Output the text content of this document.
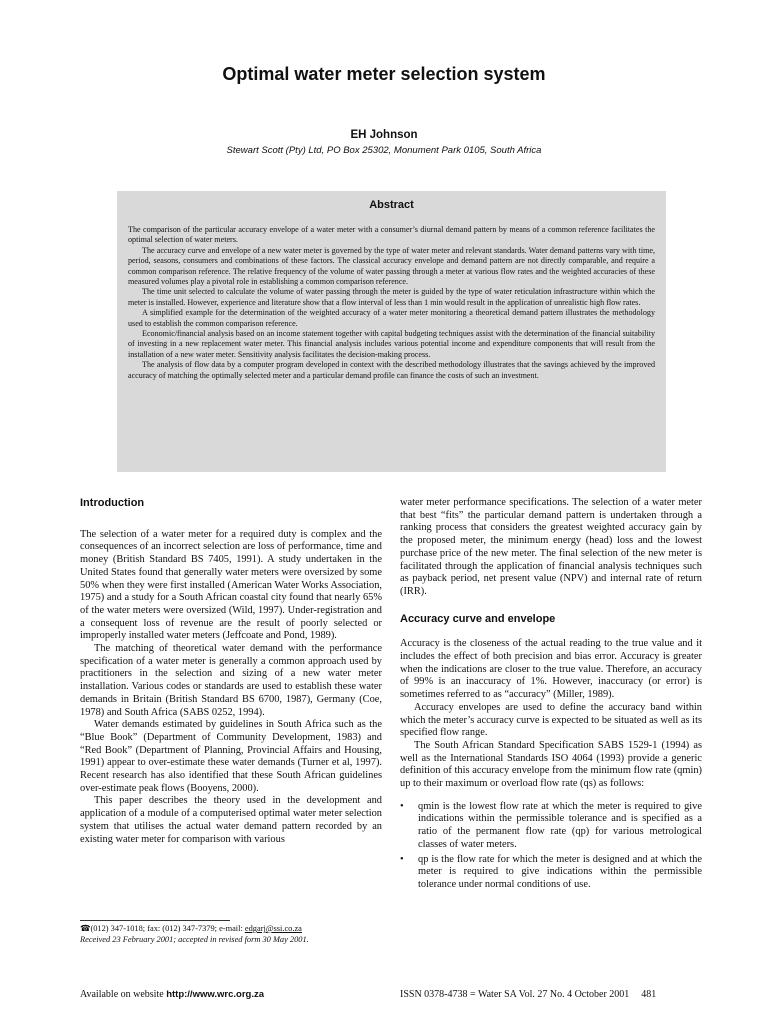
Optimal water meter selection system
EH Johnson
Stewart Scott (Pty) Ltd, PO Box 25302, Monument Park 0105, South Africa
Abstract

The comparison of the particular accuracy envelope of a water meter with a consumer’s diurnal demand pattern by means of a common reference facilitates the optimal selection of water meters.

The accuracy curve and envelope of a new water meter is governed by the type of water meter and relevant standards. Water demand patterns vary with time, period, seasons, consumers and combinations of these factors. The classical accuracy envelope and demand pattern are not directly comparable, and require a common comparison reference. The relative frequency of the volume of water passing through a meter at various flow rates and the weighted accuracies of these measured volumes play a pivotal role in establishing a common comparison reference.

The time unit selected to calculate the volume of water passing through the meter is guided by the type of water reticulation infrastructure within which the meter is installed. However, experience and literature show that a flow interval of less than 1 min would result in the application of unrealistic high flow rates.

A simplified example for the determination of the weighted accuracy of a water meter monitoring a theoretical demand pattern illustrates the methodology used to establish the common comparison reference.

Economic/financial analysis based on an income statement together with capital budgeting techniques assist with the determination of the financial suitability of investing in a new replacement water meter. This financial analysis includes various potential income and expenditure components that will result from the installation of a new water meter. Sensitivity analysis facilitates the decision-making process.

The analysis of flow data by a computer program developed in context with the described methodology illustrates that the savings achieved by the improved accuracy of matching the optimally selected meter and a particular demand profile can finance the costs of such an investment.

Introduction

The selection of a water meter for a required duty is complex and the consequences of an incorrect selection are loss of performance, time and money (British Standard BS 7405, 1991). A study undertaken in the United States found that generally water meters were oversized by some 50% when they were first installed (American Water Works Association, 1975) and a study for a South African coastal city found that nearly 65% of the water meters were oversized (Wild, 1997). Under-registration and a consequent loss of revenue are the result of poorly selected or improperly installed water meters (Jeffcoate and Pond, 1989).

The matching of theoretical water demand with the performance specification of a water meter is generally a common approach used by practitioners in the selection and sizing of a new water meter installation. Various codes or standards are used to establish these water demands in Britain (British Standard BS 6700, 1987), Germany (Coe, 1978) and South Africa (SABS 0252, 1994).

Water demands estimated by guidelines in South Africa such as the “Blue Book” (Department of Community Development, 1983) and “Red Book” (Department of Planning, Provincial Affairs and Housing, 1991) appear to over-estimate these water demands (Turner et al, 1997). Recent research has also identified that these South African guidelines over-estimate peak flows (Booyens, 2000).

This paper describes the theory used in the development and application of a module of a computerised optimal water meter selection system that utilises the actual water demand pattern recorded by an existing water meter for comparison with various

water meter performance specifications. The selection of a water meter that best “fits” the particular demand pattern is undertaken through a ranking process that considers the greatest weighted accuracy gain by the proposed meter, the minimum energy (head) loss and the lowest purchase price of the new meter. The final selection of the new meter is facilitated through the application of financial analysis techniques such as payback period, net present value (NPV) and internal rate of return (IRR).

Accuracy curve and envelope

Accuracy is the closeness of the actual reading to the true value and it includes the effect of both precision and bias error. Accuracy is greater when the indications are closer to the true value. Therefore, an accuracy of 99% is an inaccuracy of 1%. However, inaccuracy (or error) is sometimes referred to as “accuracy” (Miller, 1989).

Accuracy envelopes are used to define the accuracy band within which the meter’s accuracy curve is expected to be situated as well as its specified flow range.

The South African Standard Specification SABS 1529-1 (1994) as well as the International Standards ISO 4064 (1993) provide a generic definition of this accuracy envelope from the minimum flow rate (qmin) up to their maximum or overload flow rate (qs) as follows:

• qmin is the lowest flow rate at which the meter is required to give indications within the permissible tolerance and is specified as a ratio of the permanent flow rate (qp) for various metrological classes of water meters.
• qp is the flow rate for which the meter is designed and at which the meter is required to give indications within the permissible tolerance under normal conditions of use.
☎(012) 347-1018; fax: (012) 347-7379; e-mail: edgarj@ssi.co.za
Received 23 February 2001; accepted in revised form 30 May 2001.
Available on website http://www.wrc.org.za	ISSN 0378-4738 = Water SA Vol. 27 No. 4 October 2001 481
